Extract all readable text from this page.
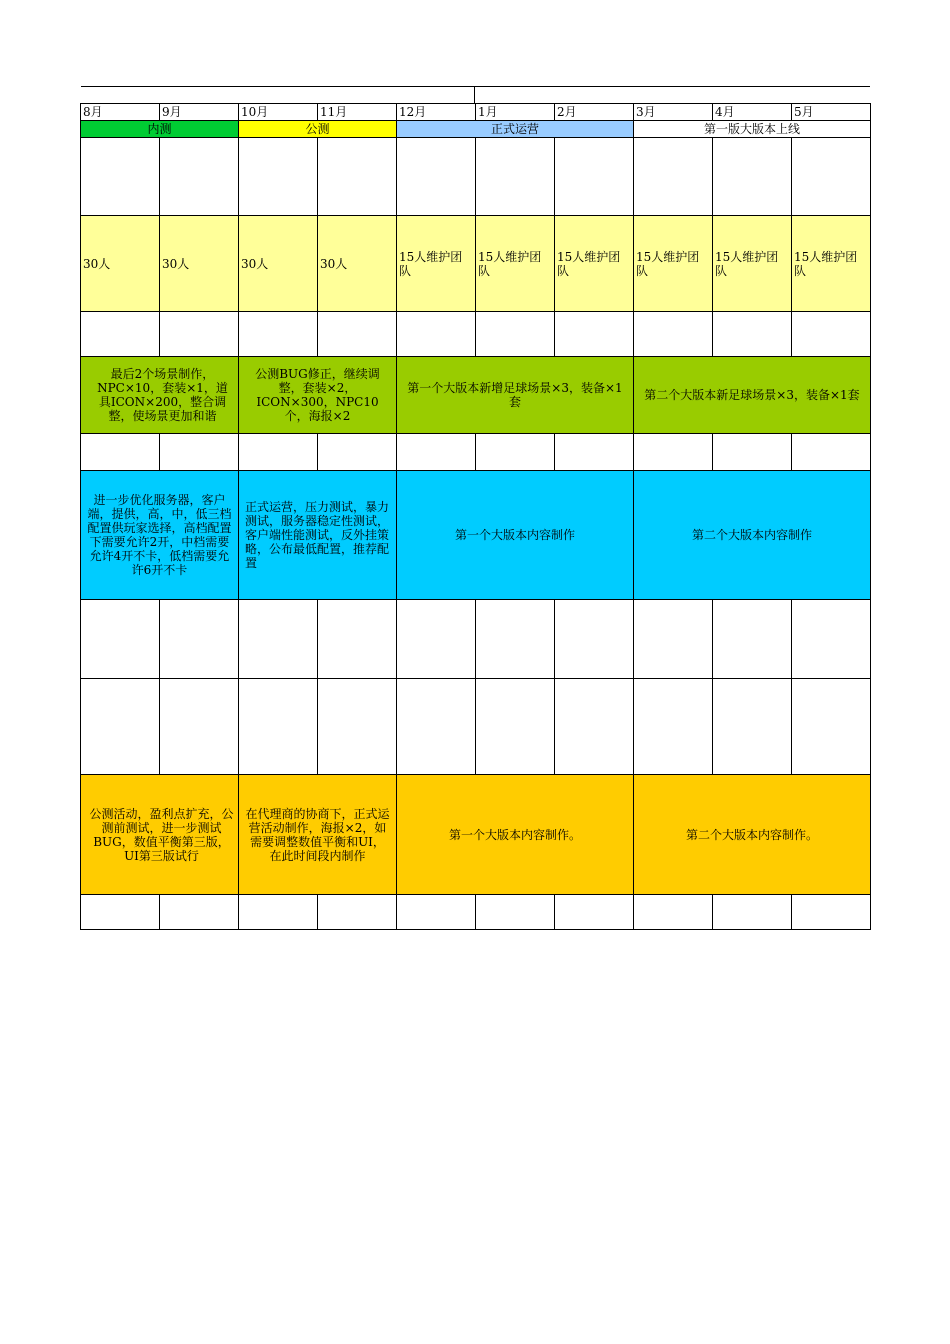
8月	9月	10月	11月	12月	1月	2月	3月	4月	5月
内测		公测		正式运营			第一版大版本上线		

30人	30人	30人	30人	15人维护团队	15人维护团队	15人维护团队	15人维护团队	15人维护团队	15人维护团队

最后2个场景制作，NPC×10，套装×1，道具ICON×200，整合调整，使场景更加和谐		公测BUG修正，继续调整，套装×2，ICON×300，NPC10个，海报×2		第一个大版本新增足球场景×3，装备×1套			第二个大版本新足球场景×3，装备×1套		

进一步优化服务器，客户端，提供，高，中，低三档配置供玩家选择，高档配置下需要允许2开，中档需要允许4开不卡，低档需要允许6开不卡		正式运营，压力测试，暴力测试，服务器稳定性测试，客户端性能测试，反外挂策略，公布最低配置，推荐配置		第一个大版本内容制作			第二个大版本内容制作		

公测活动，盈利点扩充，公测前测试，进一步测试BUG，数值平衡第三版，UI第三版试行		在代理商的协商下，正式运营活动制作，海报×2，如需要调整数值平衡和UI，在此时间段内制作		第一个大版本内容制作。			第二个大版本内容制作。		
